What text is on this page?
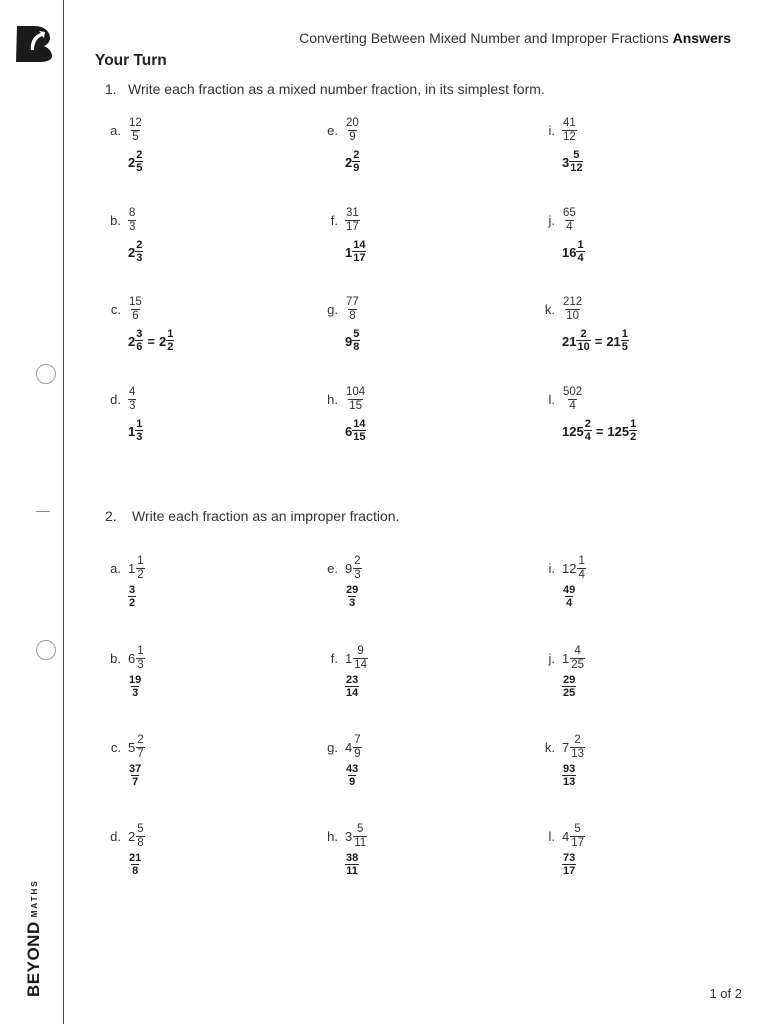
BEYONDMATHS
Converting Between Mixed Number and Improper Fractions Answers
Your Turn
1. Write each fraction as a mixed number fraction, in its simplest form.
2. Write each fraction as an improper fraction.
a. $\frac{12}{5}$
$2 \frac{2}{5}$
b. $\frac{8}{3}$
$2 \frac{2}{3}$
c. $\frac{15}{6}$
$2 \frac{3}{6} = 2 \frac{1}{2}$
d. $\frac{4}{3}$
$1 \frac{1}{3}$
e. $\frac{20}{9}$
$2 \frac{2}{9}$
f. $\frac{31}{17}$
$1 \frac{14}{17}$
g. $\frac{77}{8}$
$9 \frac{5}{8}$
h. $\frac{104}{15}$
$6 \frac{14}{15}$
i. $\frac{41}{12}$
$3 \frac{5}{12}$
j. $\frac{65}{4}$
$16 \frac{1}{4}$
k. $\frac{212}{10}$
$21 \frac{2}{10} = 21 \frac{1}{5}$
l. $\frac{502}{4}$
$125 \frac{2}{4} = 125 \frac{1}{2}$
a. $1 \frac{1}{2}$
$\frac{3}{2}$
b. $6 \frac{1}{3}$
$\frac{19}{3}$
c. $5 \frac{2}{7}$
$\frac{37}{7}$
d. $2 \frac{5}{8}$
$\frac{21}{8}$
e. $9 \frac{2}{3}$
$\frac{29}{3}$
f. $1 \frac{9}{14}$
$\frac{23}{14}$
g. $4 \frac{7}{9}$
$\frac{43}{9}$
h. $3 \frac{5}{11}$
$\frac{38}{11}$
i. $12 \frac{1}{4}$
$\frac{49}{4}$
j. $1 \frac{4}{25}$
$\frac{29}{25}$
k. $7 \frac{2}{13}$
$\frac{93}{13}$
l. $4 \frac{5}{17}$
$\frac{73}{17}$
1 of 2
